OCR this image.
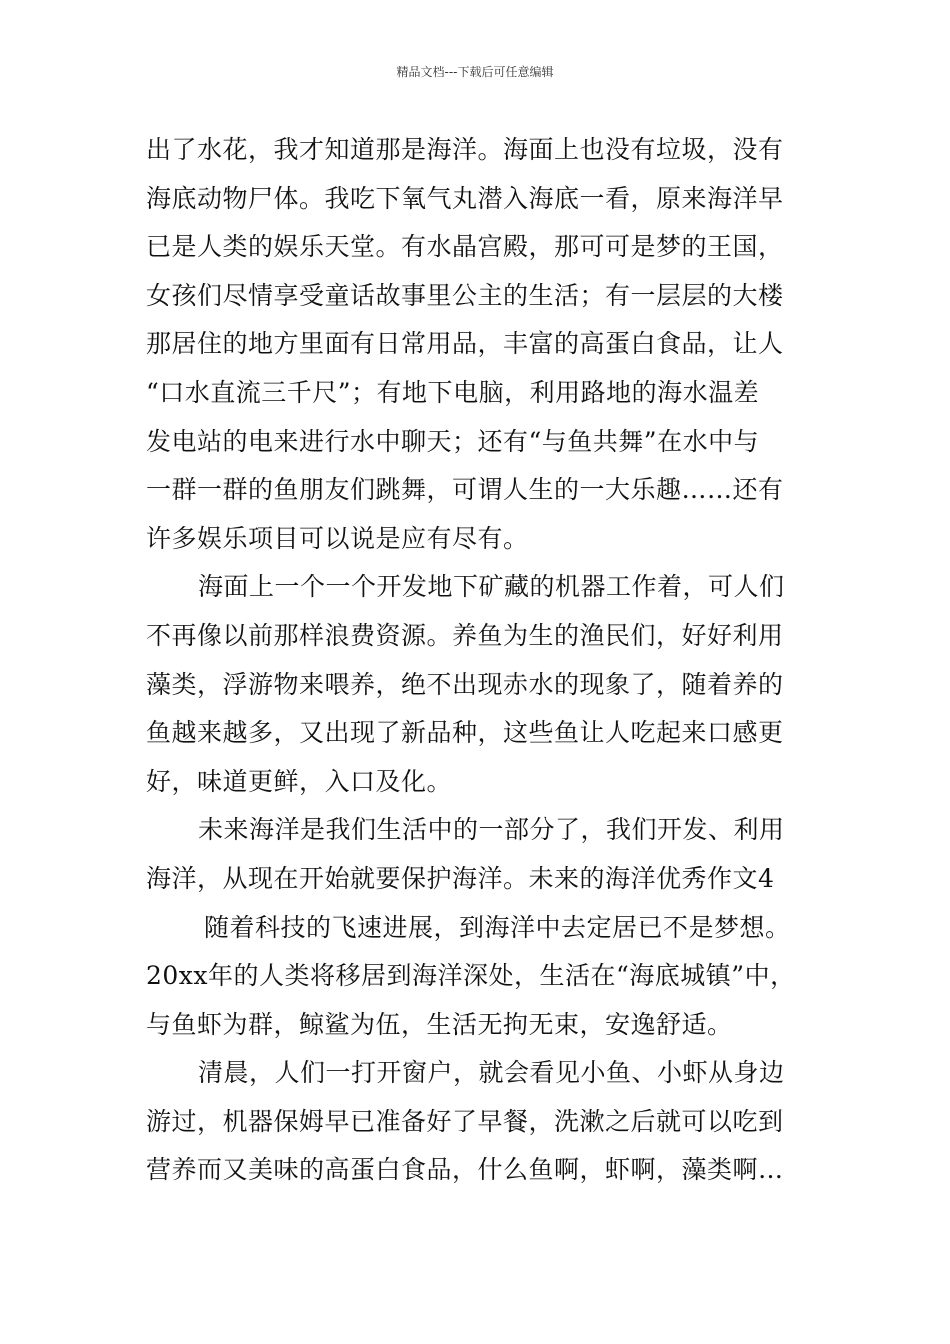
精品文档---下载后可任意编辑
出了水花，我才知道那是海洋。海面上也没有垃圾，没有
海底动物尸体。我吃下氧气丸潜入海底一看，原来海洋早
已是人类的娱乐天堂。有水晶宫殿，那可可是梦的王国，
女孩们尽情享受童话故事里公主的生活；有一层层的大楼
那居住的地方里面有日常用品，丰富的高蛋白食品，让人
“口水直流三千尺”；有地下电脑，利用路地的海水温差
发电站的电来进行水中聊天；还有“与鱼共舞”在水中与
一群一群的鱼朋友们跳舞，可谓人生的一大乐趣……还有
许多娱乐项目可以说是应有尽有。
海面上一个一个开发地下矿藏的机器工作着，可人们
不再像以前那样浪费资源。养鱼为生的渔民们，好好利用
藻类，浮游物来喂养，绝不出现赤水的现象了，随着养的
鱼越来越多，又出现了新品种，这些鱼让人吃起来口感更
好，味道更鲜，入口及化。
未来海洋是我们生活中的一部分了，我们开发、利用
海洋，从现在开始就要保护海洋。未来的海洋优秀作文4
随着科技的飞速进展，到海洋中去定居已不是梦想。
20xx年的人类将移居到海洋深处，生活在“海底城镇”中，
与鱼虾为群，鲸鲨为伍，生活无拘无束，安逸舒适。
清晨，人们一打开窗户，就会看见小鱼、小虾从身边
游过，机器保姆早已准备好了早餐，洗漱之后就可以吃到
营养而又美味的高蛋白食品，什么鱼啊，虾啊，藻类啊…
